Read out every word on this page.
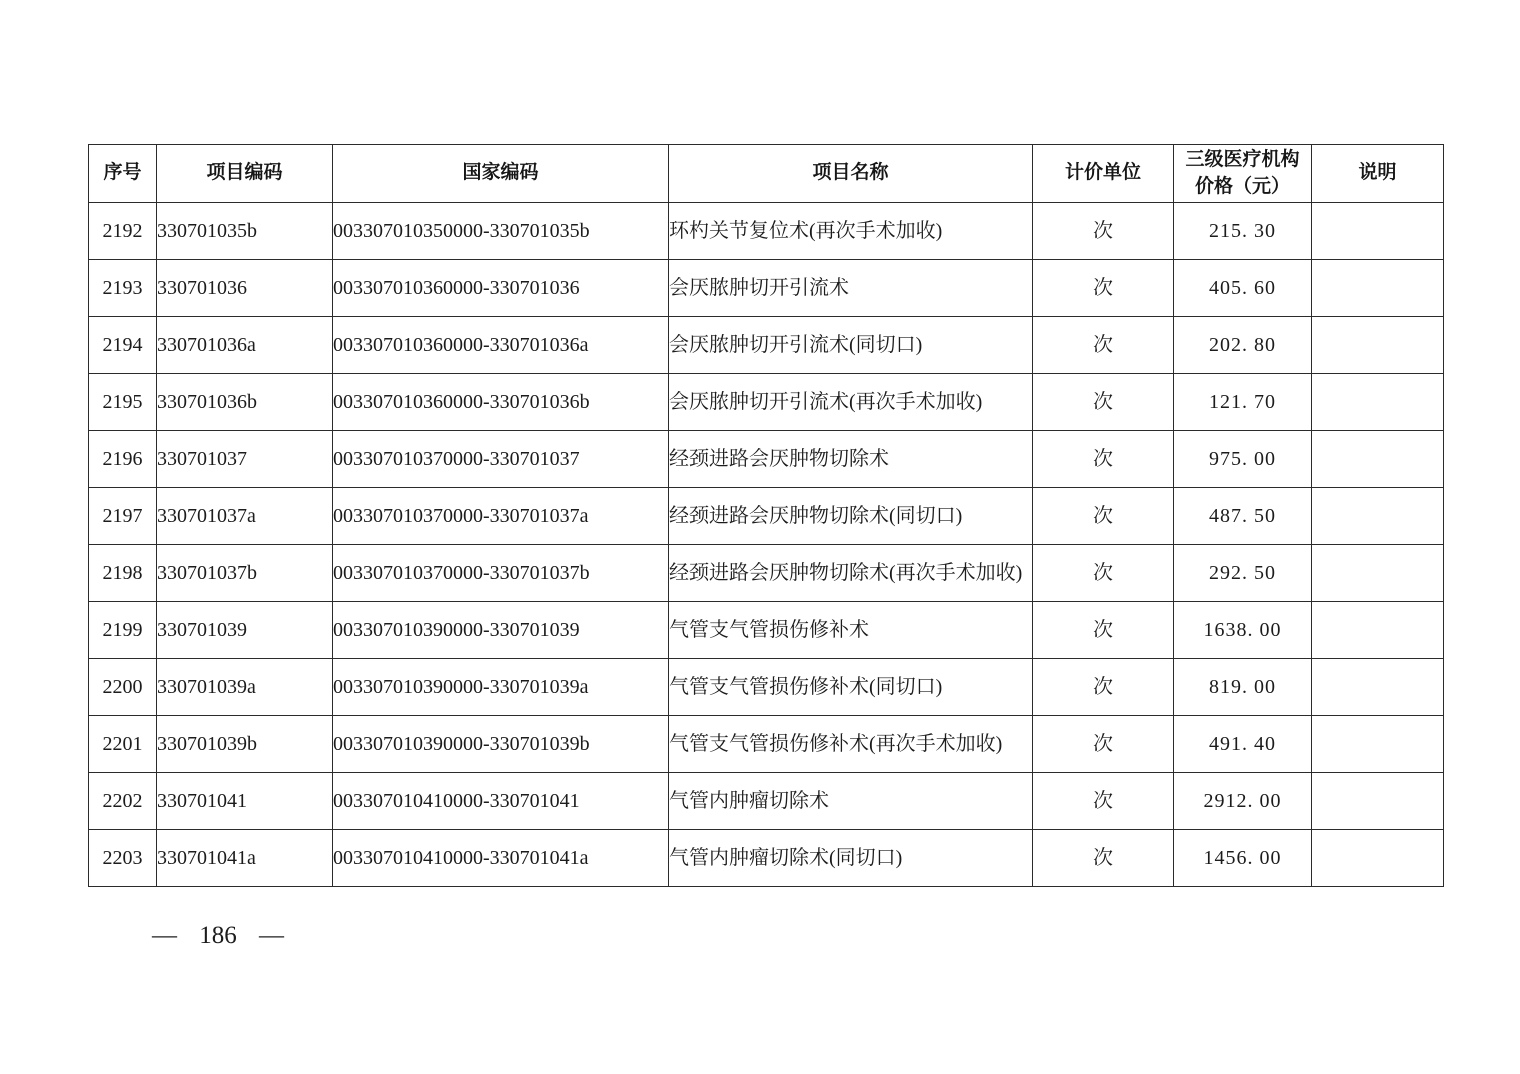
序号	项目编码	国家编码	项目名称	计价单位	三级医疗机构价格（元）	说明
2192	330701035b	003307010350000-330701035b	环杓关节复位术(再次手术加收)	次	215. 30	
2193	330701036	003307010360000-330701036	会厌脓肿切开引流术	次	405. 60	
2194	330701036a	003307010360000-330701036a	会厌脓肿切开引流术(同切口)	次	202. 80	
2195	330701036b	003307010360000-330701036b	会厌脓肿切开引流术(再次手术加收)	次	121. 70	
2196	330701037	003307010370000-330701037	经颈进路会厌肿物切除术	次	975. 00	
2197	330701037a	003307010370000-330701037a	经颈进路会厌肿物切除术(同切口)	次	487. 50	
2198	330701037b	003307010370000-330701037b	经颈进路会厌肿物切除术(再次手术加收)	次	292. 50	
2199	330701039	003307010390000-330701039	气管支气管损伤修补术	次	1638. 00	
2200	330701039a	003307010390000-330701039a	气管支气管损伤修补术(同切口)	次	819. 00	
2201	330701039b	003307010390000-330701039b	气管支气管损伤修补术(再次手术加收)	次	491. 40	
2202	330701041	003307010410000-330701041	气管内肿瘤切除术	次	2912. 00	
2203	330701041a	003307010410000-330701041a	气管内肿瘤切除术(同切口)	次	1456. 00	
— 186 —
